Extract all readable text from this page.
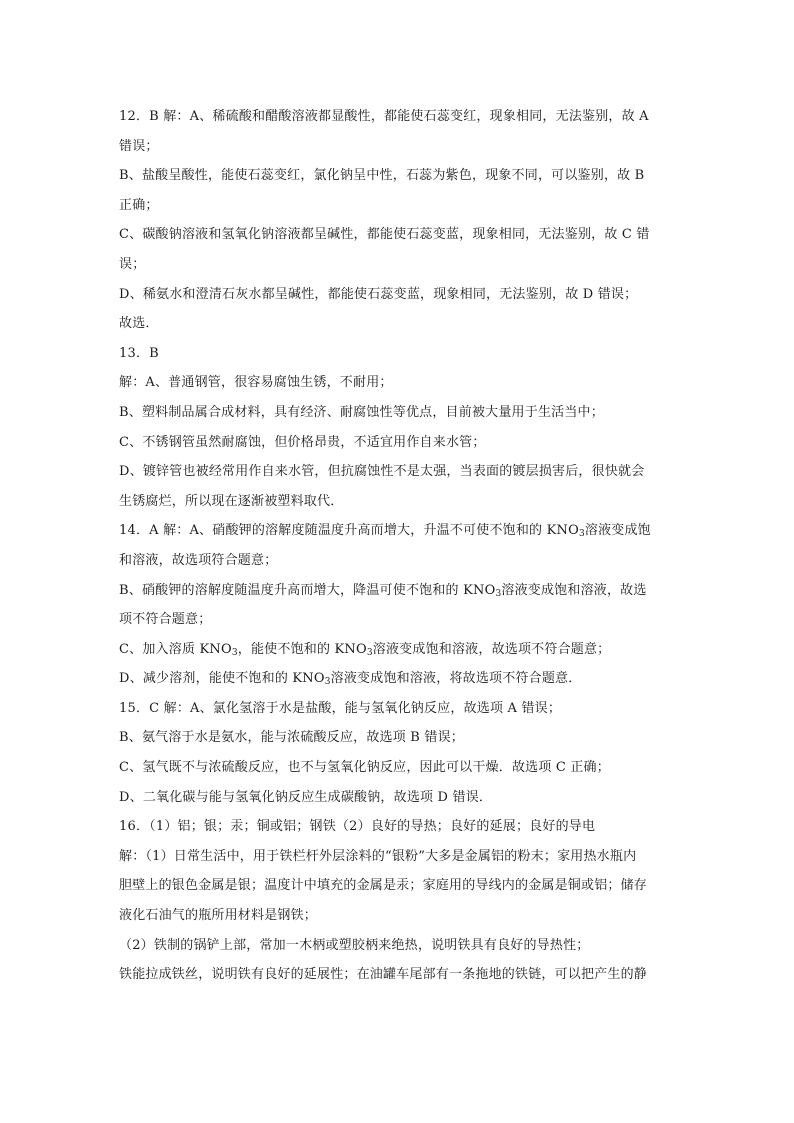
12．B 解：A、稀硫酸和醋酸溶液都显酸性，都能使石蕊变红，现象相同，无法鉴别，故 A
错误；
B、盐酸呈酸性，能使石蕊变红，氯化钠呈中性，石蕊为紫色，现象不同，可以鉴别，故 B
正确；
C、碳酸钠溶液和氢氧化钠溶液都呈碱性，都能使石蕊变蓝，现象相同，无法鉴别，故 C 错
误；
D、稀氨水和澄清石灰水都呈碱性，都能使石蕊变蓝，现象相同，无法鉴别，故 D 错误；
故选．
13．B
解：A、普通钢管，很容易腐蚀生锈，不耐用；
B、塑料制品属合成材料，具有经济、耐腐蚀性等优点，目前被大量用于生活当中；
C、不锈钢管虽然耐腐蚀，但价格昂贵，不适宜用作自来水管；
D、镀锌管也被经常用作自来水管，但抗腐蚀性不是太强，当表面的镀层损害后，很快就会
生锈腐烂，所以现在逐渐被塑料取代．
14．A 解：A、硝酸钾的溶解度随温度升高而增大，升温不可使不饱和的 $KNO_3$溶液变成饱
和溶液，故选项符合题意；
B、硝酸钾的溶解度随温度升高而增大，降温可使不饱和的 $KNO_3$溶液变成饱和溶液，故选
项不符合题意；
C、加入溶质 $KNO_3$，能使不饱和的 $KNO_3$溶液变成饱和溶液，故选项不符合题意；
D、减少溶剂，能使不饱和的 $KNO_3$溶液变成饱和溶液，将故选项不符合题意．
15．C 解：A、氯化氢溶于水是盐酸，能与氢氧化钠反应，故选项 A 错误；
B、氨气溶于水是氨水，能与浓硫酸反应，故选项 B 错误；
C、氢气既不与浓硫酸反应，也不与氢氧化钠反应，因此可以干燥．故选项 C 正确；
D、二氧化碳与能与氢氧化钠反应生成碳酸钠，故选项 D 错误．
16．（1）铝；银；汞；铜或铝；钢铁（2）良好的导热；良好的延展；良好的导电
解：（1）日常生活中，用于铁栏杆外层涂料的“银粉”大多是金属铝的粉末；家用热水瓶内
胆壁上的银色金属是银；温度计中填充的金属是汞；家庭用的导线内的金属是铜或铝；储存
液化石油气的瓶所用材料是钢铁；
（2）铁制的锅铲上部，常加一木柄或塑胶柄来绝热，说明铁具有良好的导热性；
铁能拉成铁丝，说明铁有良好的延展性；在油罐车尾部有一条拖地的铁链，可以把产生的静
